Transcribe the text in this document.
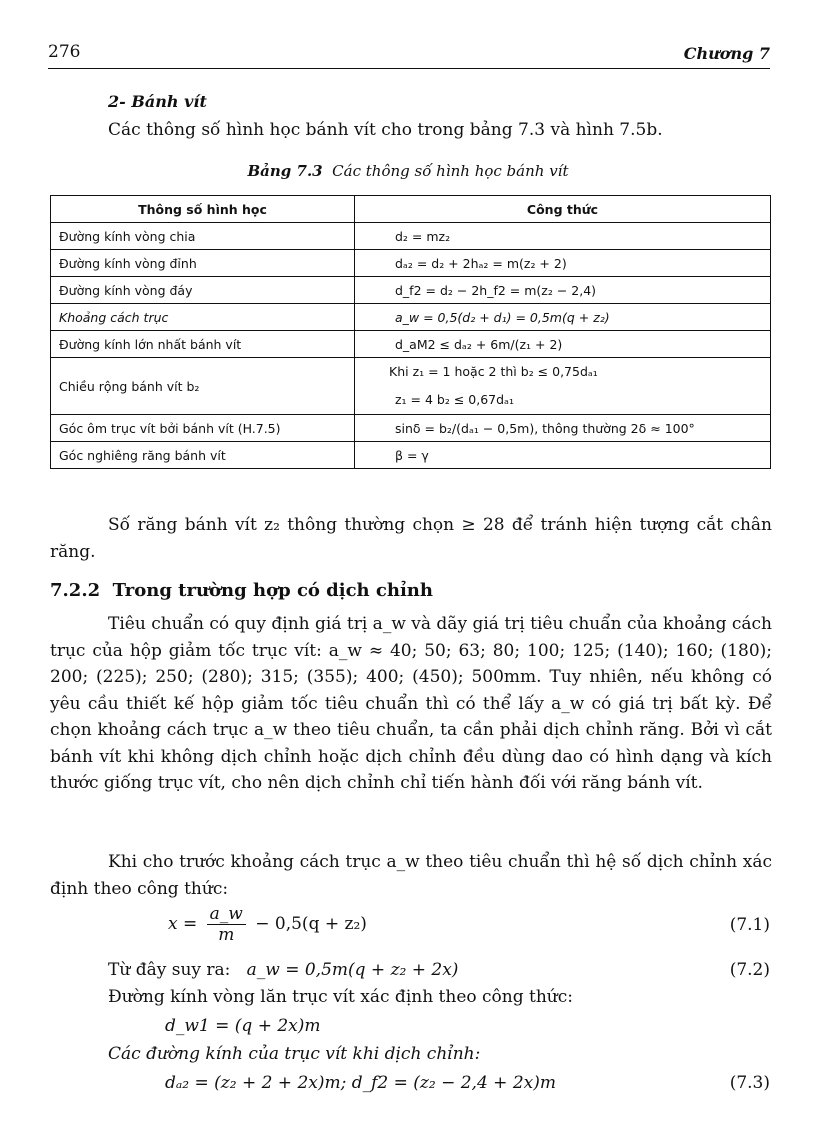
276	Chương 7
2- Bánh vít
Các thông số hình học bánh vít cho trong bảng 7.3 và hình 7.5b.
Bảng 7.3 Các thông số hình học bánh vít
Thông số hình học	Công thức
Đường kính vòng chia	d₂ = mz₂
Đường kính vòng đỉnh	dₐ₂ = d₂ + 2hₐ₂ = m(z₂ + 2)
Đường kính vòng đáy	d_f2 = d₂ − 2h_f2 = m(z₂ − 2,4)
Khoảng cách trục	a_w = 0,5(d₂ + d₁) = 0,5m(q + z₂)
Đường kính lớn nhất bánh vít	d_aM2 ≤ dₐ₂ + 6m/(z₁ + 2)
Chiều rộng bánh vít b₂	Khi z₁ = 1 hoặc 2 thì b₂ ≤ 0,75dₐ₁
z₁ = 4 b₂ ≤ 0,67dₐ₁

Góc ôm trục vít bởi bánh vít (H.7.5)	sinδ = b₂/(dₐ₁ − 0,5m), thông thường 2δ ≈ 100°
Góc nghiêng răng bánh vít	β = γ
Số răng bánh vít z₂ thông thường chọn ≥ 28 để tránh hiện tượng cắt chân răng.
7.2.2 Trong trường hợp có dịch chỉnh
Tiêu chuẩn có quy định giá trị a_w và dãy giá trị tiêu chuẩn của khoảng cách trục của hộp giảm tốc trục vít: a_w ≈ 40; 50; 63; 80; 100; 125; (140); 160; (180); 200; (225); 250; (280); 315; (355); 400; (450); 500mm. Tuy nhiên, nếu không có yêu cầu thiết kế hộp giảm tốc tiêu chuẩn thì có thể lấy a_w có giá trị bất kỳ. Để chọn khoảng cách trục a_w theo tiêu chuẩn, ta cần phải dịch chỉnh răng. Bởi vì cắt bánh vít khi không dịch chỉnh hoặc dịch chỉnh đều dùng dao có hình dạng và kích thước giống trục vít, cho nên dịch chỉnh chỉ tiến hành đối với răng bánh vít.
Khi cho trước khoảng cách trục a_w theo tiêu chuẩn thì hệ số dịch chỉnh xác định theo công thức:
$x = \frac{a\_w}{m} - 0,5(q + z_2)$	(7.1)
Từ đây suy ra: a_w = 0,5m(q + z₂ + 2x)	(7.2)
Đường kính vòng lăn trục vít xác định theo công thức:
d_w1 = (q + 2x)m
Các đường kính của trục vít khi dịch chỉnh:
dₐ₂ = (z₂ + 2 + 2x)m; d_f2 = (z₂ − 2,4 + 2x)m	(7.3)
